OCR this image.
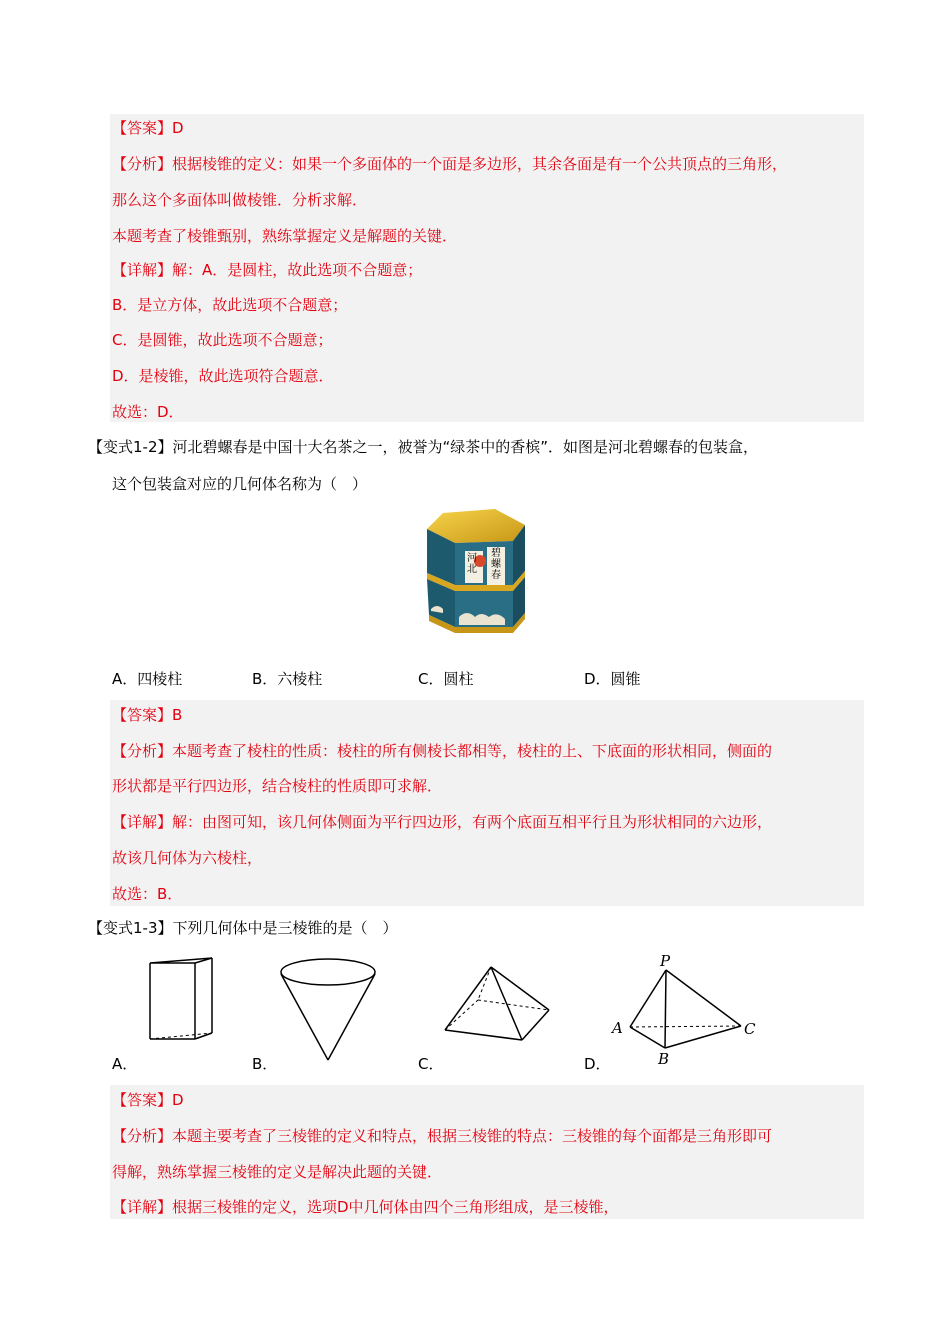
【答案】D
【分析】根据棱锥的定义：如果一个多面体的一个面是多边形，其余各面是有一个公共顶点的三角形，
那么这个多面体叫做棱锥．分析求解．
本题考查了棱锥甄别，熟练掌握定义是解题的关键．
【详解】解：A．是圆柱，故此选项不合题意；
B．是立方体，故此选项不合题意；
C．是圆锥，故此选项不合题意；
D．是棱锥，故此选项符合题意．
故选：D．
【变式1-2】河北碧螺春是中国十大名茶之一，被誉为“绿茶中的香槟”．如图是河北碧螺春的包装盒，
这个包装盒对应的几何体名称为（　）
河北
碧螺春
A．四棱柱	B．六棱柱	C．圆柱	D．圆锥
【答案】B
【分析】本题考查了棱柱的性质：棱柱的所有侧棱长都相等，棱柱的上、下底面的形状相同，侧面的
形状都是平行四边形，结合棱柱的性质即可求解．
【详解】解：由图可知，该几何体侧面为平行四边形，有两个底面互相平行且为形状相同的六边形，
故该几何体为六棱柱，
故选：B．
【变式1-3】下列几何体中是三棱锥的是（　）
P
A
B
C
A．	B．	C．	D．
【答案】D
【分析】本题主要考查了三棱锥的定义和特点，根据三棱锥的特点：三棱锥的每个面都是三角形即可
得解，熟练掌握三棱锥的定义是解决此题的关键．
【详解】根据三棱锥的定义，选项D中几何体由四个三角形组成，是三棱锥，
